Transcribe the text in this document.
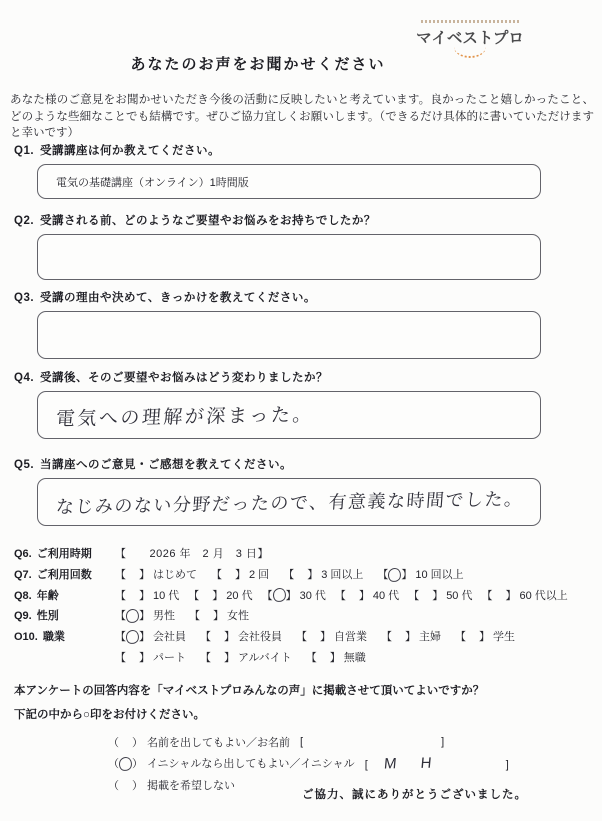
マイベストプロ
あなたのお声をお聞かせください
あなた様のご意見をお聞かせいただき今後の活動に反映したいと考えています。良かったこと嬉しかったこと、どのような些細なことでも結構です。ぜひご協力宜しくお願いします。（できるだけ具体的に書いていただけますと幸いです）
Q1. 受講講座は何か教えてください。
電気の基礎講座（オンライン）1時間版
Q2. 受講される前、どのようなご要望やお悩みをお持ちでしたか？
Q3. 受講の理由や決めて、きっかけを教えてください。
Q4. 受講後、そのご要望やお悩みはどう変わりましたか？
電気への理解が深まった。
Q5. 当講座へのご意見・ご感想を教えてください。
なじみのない分野だったので、有意義な時間でした。
Q6. ご利用時期	【　　2026 年　2 月　3 日】
Q7. ご利用回数	【 】 はじめて 【 】 2 回 【 】 3 回以上 【 】 10 回以上
Q8. 年齢	【 】 10 代 【 】 20 代 【 】 30 代 【 】 40 代 【 】 50 代 【 】 60 代以上
Q9. 性別	【 】 男性 【 】 女性
O10. 職業	【 】 会社員 【 】 会社役員 【 】 自営業 【 】 主婦 【 】 学生
【 】 パート 【 】 アルバイト 【 】 無職
本アンケートの回答内容を「マイベストプロみんなの声」に掲載させて頂いてよいですか？
下記の中から○印をお付けください。
（ ） 名前を出してもよい／お名前 [	]
（ ） イニシャルなら出してもよい／イニシャル [	M H	]
（ ） 掲載を希望しない
ご協力、誠にありがとうございました。
